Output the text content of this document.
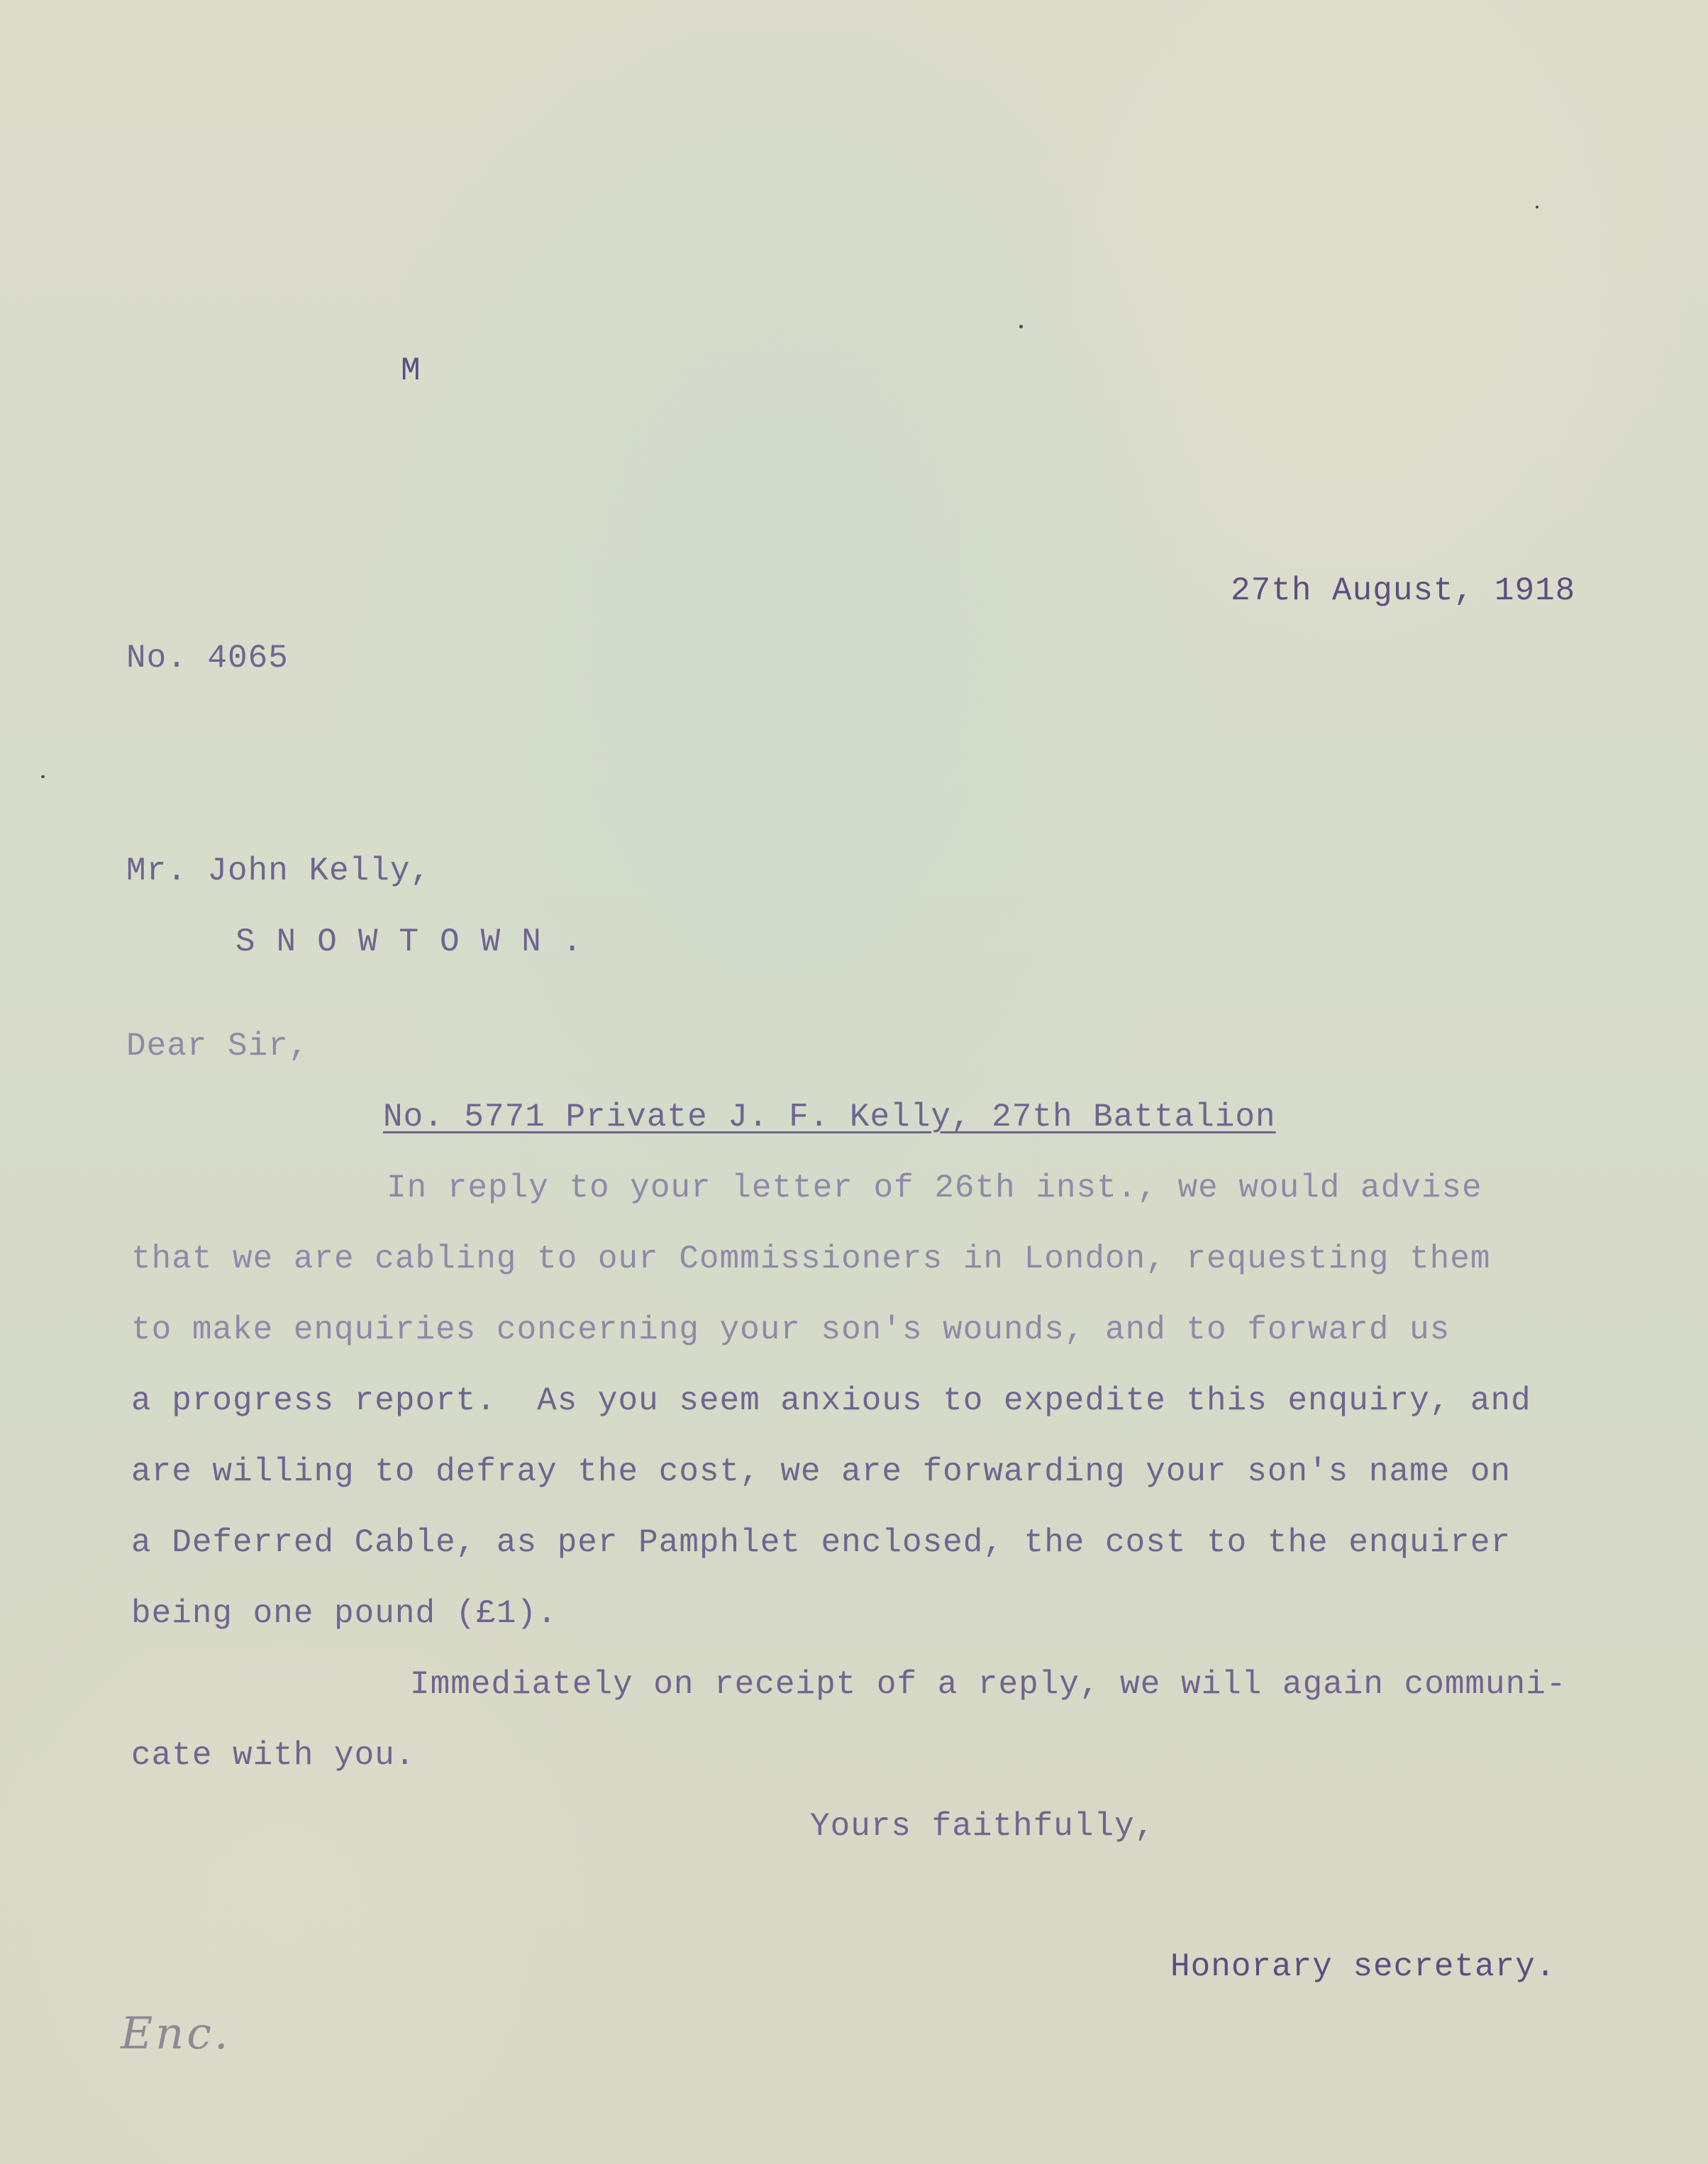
M
27th August, 1918
No. 4065
Mr. John Kelly,
SNOWTOWN.
Dear Sir,
No. 5771 Private J. F. Kelly, 27th Battalion
In reply to your letter of 26th inst., we would advise
that we are cabling to our Commissioners in London, requesting them
to make enquiries concerning your son's wounds, and to forward us
a progress report.  As you seem anxious to expedite this enquiry, and
are willing to defray the cost, we are forwarding your son's name on
a Deferred Cable, as per Pamphlet enclosed, the cost to the enquirer
being one pound (£1).
Immediately on receipt of a reply, we will again communi-
cate with you.
Yours faithfully,
Honorary secretary.
Enc.
